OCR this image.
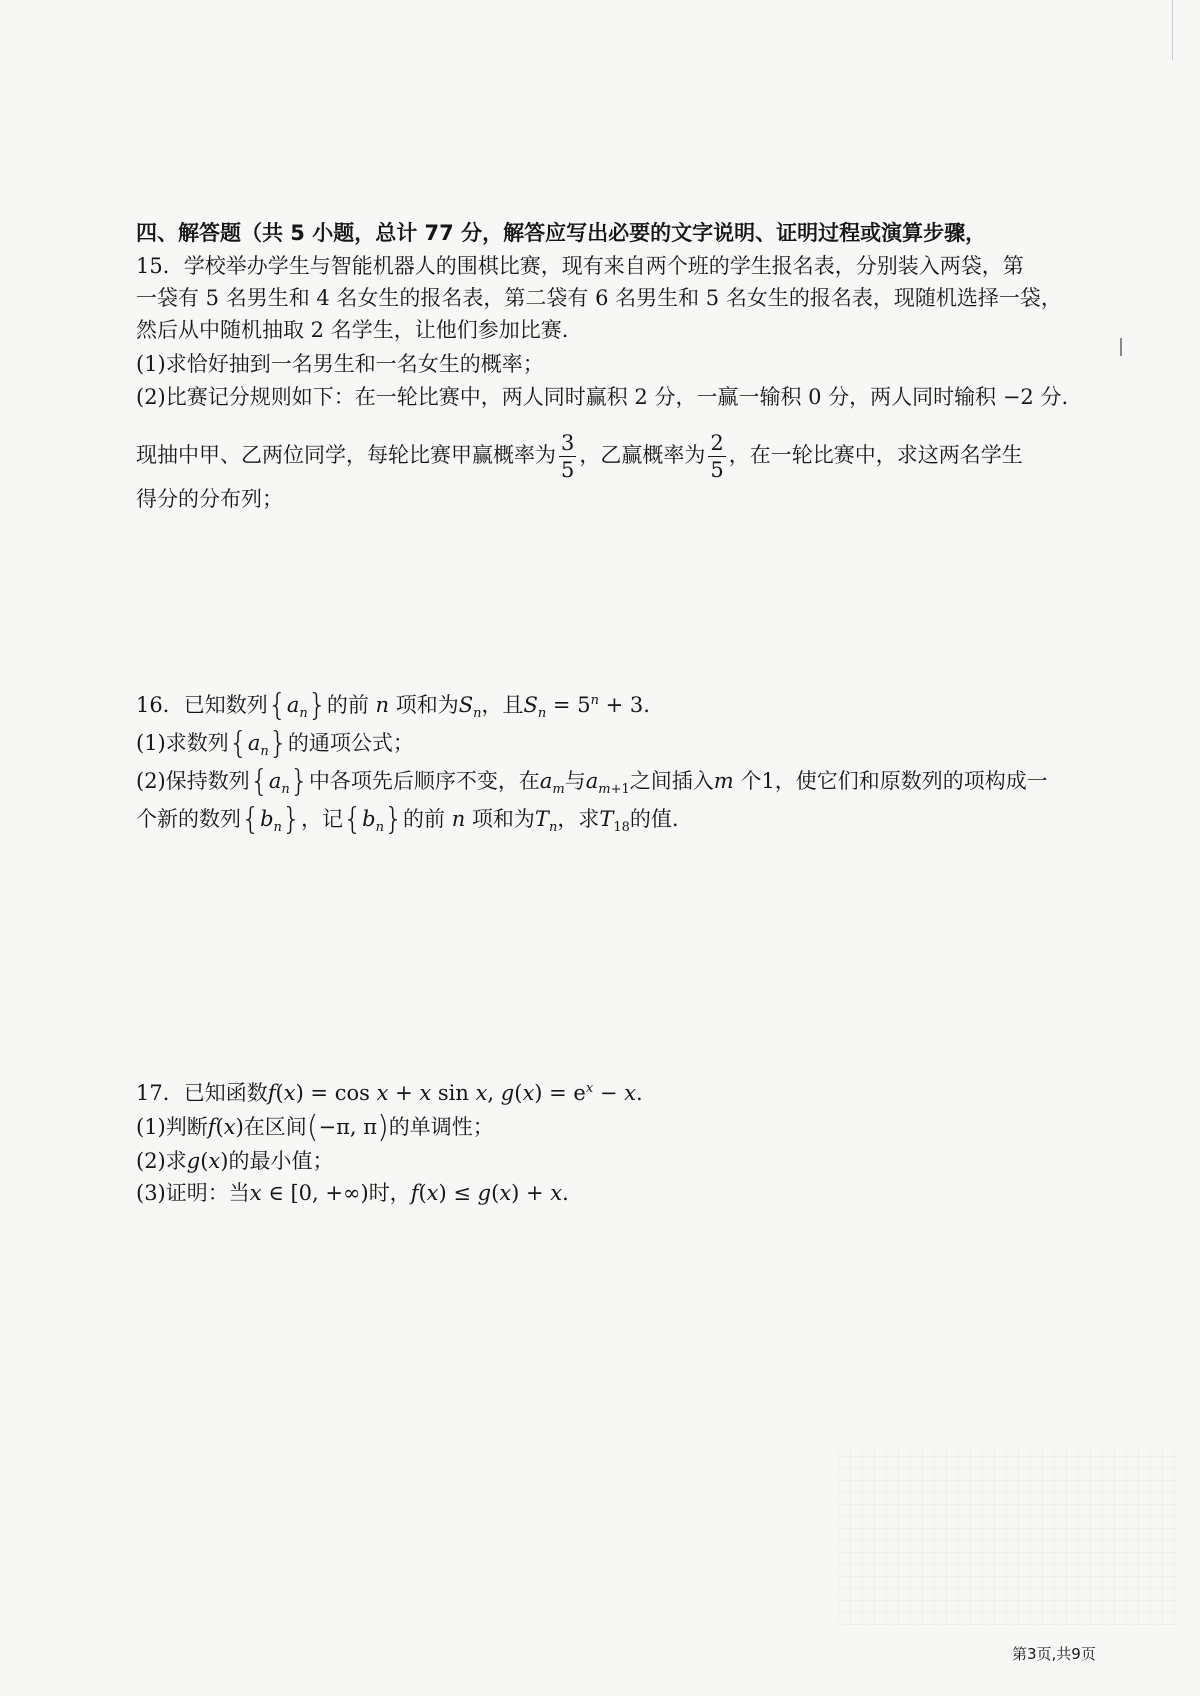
四、解答题（共 5 小题，总计 77 分，解答应写出必要的文字说明、证明过程或演算步骤，
15．学校举办学生与智能机器人的围棋比赛，现有来自两个班的学生报名表，分别装入两袋，第
一袋有 5 名男生和 4 名女生的报名表，第二袋有 6 名男生和 5 名女生的报名表，现随机选择一袋，
然后从中随机抽取 2 名学生，让他们参加比赛.
(1)求恰好抽到一名男生和一名女生的概率；
(2)比赛记分规则如下：在一轮比赛中，两人同时赢积 2 分，一赢一输积 0 分，两人同时输积 −2 分.
现抽中甲、乙两位同学，每轮比赛甲赢概率为 $\frac{3}{5}$ ，乙赢概率为 $\frac{2}{5}$ ，在一轮比赛中，求这两名学生
得分的分布列；
16．已知数列$\{a_n\}$的前 n 项和为$S_n$，且$S_n = 5^n + 3$.
(1)求数列$\{a_n\}$的通项公式；
(2)保持数列$\{a_n\}$中各项先后顺序不变，在$a_m$与$a_{m+1}$之间插入m 个1，使它们和原数列的项构成一
个新的数列$\{b_n\}$，记$\{b_n\}$的前 n 项和为$T_n$，求$T_{18}$的值.
17．已知函数f(x) = cos x + x sin x, $g(x) = e^x - x$.
(1)判断f(x)在区间(−π, π)的单调性；
(2)求g(x)的最小值；
(3)证明：当x ∈ [0, +∞)时，f(x) ≤ g(x) + x.
第3页,共9页
